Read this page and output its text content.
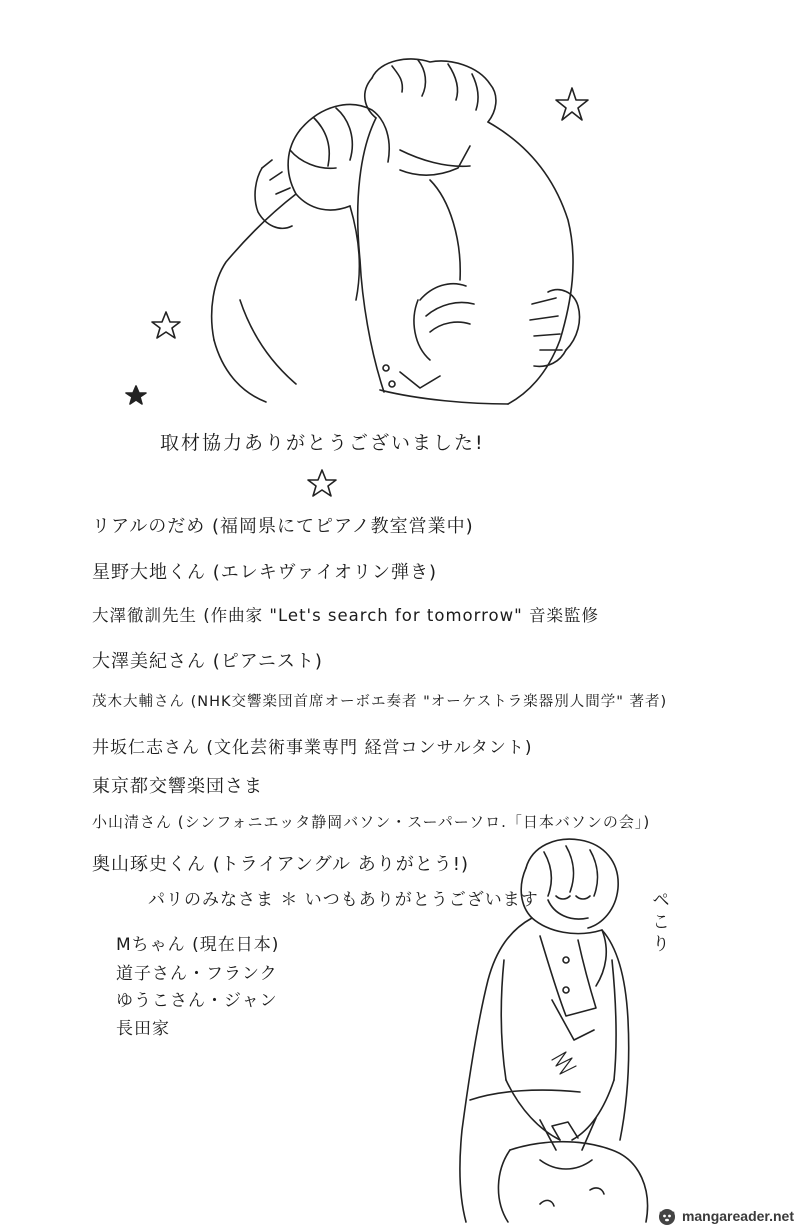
取材協力ありがとうございました!
リアルのだめ (福岡県にてピアノ教室営業中)
星野大地くん (エレキヴァイオリン弾き)
大澤徹訓先生 (作曲家 "Let's search for tomorrow" 音楽監修
大澤美紀さん (ピアニスト)
茂木大輔さん (NHK交響楽団首席オーボエ奏者 "オーケストラ楽器別人間学" 著者)
井坂仁志さん (文化芸術事業専門 経営コンサルタント)
東京都交響楽団さま
小山清さん (シンフォニエッタ静岡バソン・スーパーソロ.「日本バソンの会」)
奥山琢史くん (トライアングル ありがとう!)
パリのみなさま ＊ いつもありがとうございます
Mちゃん (現在日本)
道子さん・フランク
ゆうこさん・ジャン
長田家
ペこり
mangareader.net
